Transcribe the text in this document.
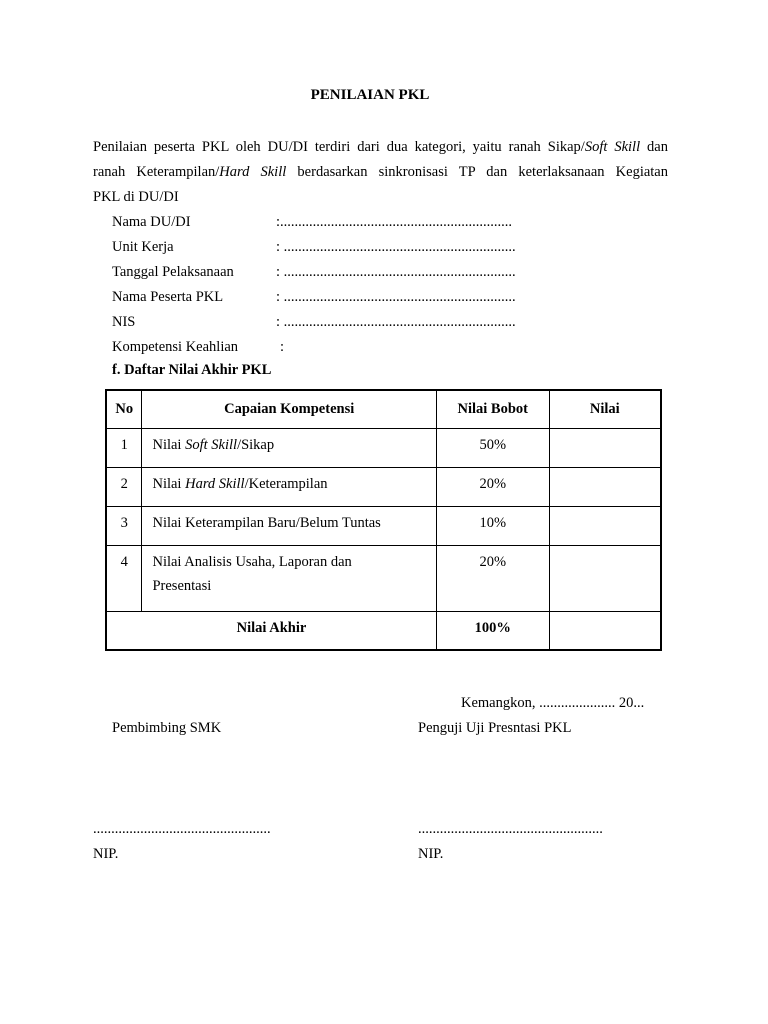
PENILAIAN PKL
Penilaian peserta PKL oleh DU/DI terdiri dari dua kategori, yaitu ranah Sikap/Soft Skill dan
ranah Keterampilan/Hard Skill berdasarkan sinkronisasi TP dan keterlaksanaan Kegiatan
PKL di DU/DI
Nama DU/DI	:................................................................
Unit Kerja	: ................................................................
Tanggal Pelaksanaan	: ................................................................
Nama Peserta PKL	: ................................................................
NIS	: ................................................................
Kompetensi Keahlian	:
f. Daftar Nilai Akhir PKL
No	Capaian Kompetensi	Nilai Bobot	Nilai
1	Nilai Soft Skill/Sikap	50%	
2	Nilai Hard Skill/Keterampilan	20%	
3	Nilai Keterampilan Baru/Belum Tuntas	10%	
4	Nilai Analisis Usaha, Laporan dan
Presentasi	20%	
Nilai Akhir		100%	
Kemangkon, ..................... 20...
Pembimbing SMK	Penguji Uji Presntasi PKL
.................................................	...................................................
NIP.	NIP.
